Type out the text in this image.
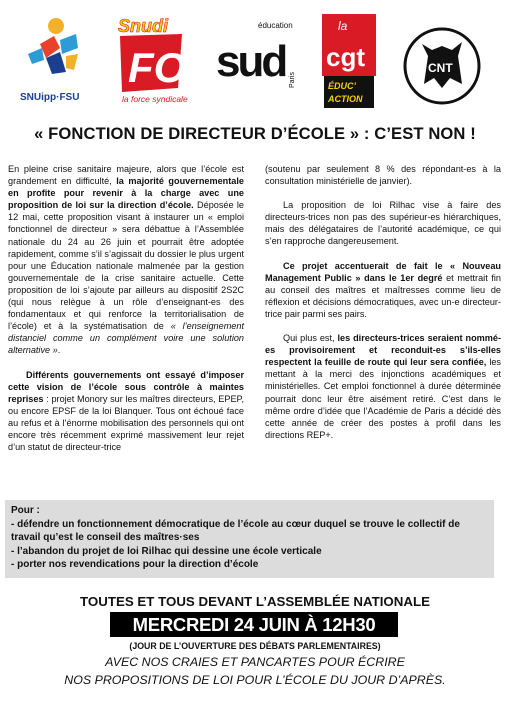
SNUipp·FSU
Snudi
FO
la force syndicale
éducation
sud Paris
la
cgt
ÉDUC’
ACTION
CNT
« FONCTION DE DIRECTEUR D’ÉCOLE » : C’EST NON !

En pleine crise sanitaire majeure, alors que l’école est grandement en difficulté, la majorité gouvernementale en profite pour revenir à la charge avec une proposition de loi sur la direction d’école. Déposée le 12 mai, cette proposition visant à instaurer un « emploi fonctionnel de directeur » sera débattue à l’Assemblée nationale du 24 au 26 juin et pourrait être adoptée rapidement, comme s’il s’agissait du dossier le plus urgent pour une Éducation nationale malmenée par la gestion gouvernementale de la crise sanitaire actuelle. Cette proposition de loi s’ajoute par ailleurs au dispositif 2S2C (qui nous relègue à un rôle d’enseignant-es des fondamentaux et qui renforce la territorialisation de l’école) et à la systématisation de « l’enseignement distanciel comme un complément voire une solution alternative ».

Différents gouvernements ont essayé d’imposer cette vision de l’école sous contrôle à maintes reprises : projet Monory sur les maîtres directeurs, EPEP, ou encore EPSF de la loi Blanquer. Tous ont échoué face au refus et à l’énorme mobilisation des personnels qui ont encore très récemment exprimé massivement leur rejet d’un statut de directeur-trice

(soutenu par seulement 8 % des répondant-es à la consultation ministérielle de janvier).

La proposition de loi Rilhac vise à faire des directeurs-trices non pas des supérieur-es hiérarchiques, mais des délégataires de l’autorité académique, ce qui s’en rapproche dangereusement.

Ce projet accentuerait de fait le « Nouveau Management Public » dans le 1er degré et mettrait fin au conseil des maîtres et maîtresses comme lieu de réflexion et décisions démocratiques, avec un-e directeur-trice pair parmi ses pairs.

Qui plus est, les directeurs-trices seraient nommé-es provisoirement et reconduit-es s’ils-elles respectent la feuille de route qui leur sera confiée, les mettant à la merci des injonctions académiques et ministérielles. Cet emploi fonctionnel à durée déterminée pourrait donc leur être aisément retiré. C’est dans le même ordre d’idée que l’Académie de Paris a décidé dès cette année de créer des postes à profil dans les directions REP+.

Pour :
- défendre un fonctionnement démocratique de l’école au cœur duquel se trouve le collectif de travail qu’est le conseil des maîtres·ses
- l’abandon du projet de loi Rilhac qui dessine une école verticale
- porter nos revendications pour la direction d’école
TOUTES ET TOUS DEVANT L’ASSEMBLÉE NATIONALE
MERCREDI 24 JUIN À 12H30
(JOUR DE L’OUVERTURE DES DÉBATS PARLEMENTAIRES)
AVEC NOS CRAIES ET PANCARTES POUR ÉCRIRE
NOS PROPOSITIONS DE LOI POUR L’ÉCOLE DU JOUR D’APRÈS.
